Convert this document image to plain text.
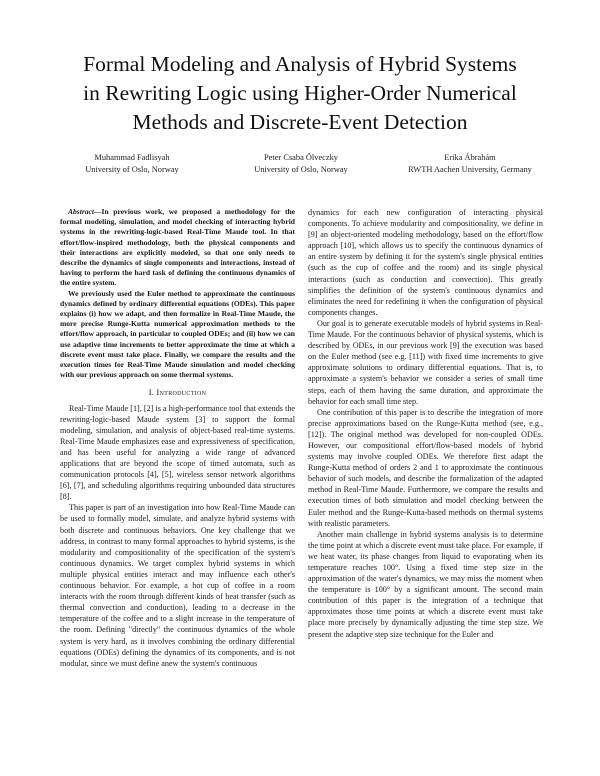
Formal Modeling and Analysis of Hybrid Systems
in Rewriting Logic using Higher-Order Numerical
Methods and Discrete-Event Detection
Muhammad Fadlisyah
University of Oslo, Norway
Peter Csaba Ölveczky
University of Oslo, Norway
Erika Ábrahám
RWTH Aachen University, Germany

Abstract—In previous work, we proposed a methodology for the formal modeling, simulation, and model checking of interacting hybrid systems in the rewriting-logic-based Real-Time Maude tool. In that effort/flow-inspired methodology, both the physical components and their interactions are explicitly modeled, so that one only needs to describe the dynamics of single components and interactions, instead of having to perform the hard task of defining the continuous dynamics of the entire system.

We previously used the Euler method to approximate the continuous dynamics defined by ordinary differential equations (ODEs). This paper explains (i) how we adapt, and then formalize in Real-Time Maude, the more precise Runge-Kutta numerical approximation methods to the effort/flow approach, in particular to coupled ODEs; and (ii) how we can use adaptive time increments to better approximate the time at which a discrete event must take place. Finally, we compare the results and the execution times for Real-Time Maude simulation and model checking with our previous approach on some thermal systems.

I. Introduction

Real-Time Maude [1], [2] is a high-performance tool that extends the rewriting-logic-based Maude system [3] to support the formal modeling, simulation, and analysis of object-based real-time systems. Real-Time Maude emphasizes ease and expressiveness of specification, and has been useful for analyzing a wide range of advanced applications that are beyond the scope of timed automata, such as communication protocols [4], [5], wireless sensor network algorithms [6], [7], and scheduling algorithms requiring unbounded data structures [8].

This paper is part of an investigation into how Real-Time Maude can be used to formally model, simulate, and analyze hybrid systems with both discrete and continuous behaviors. One key challenge that we address, in contrast to many formal approaches to hybrid systems, is the modularity and compositionality of the specification of the system's continuous dynamics. We target complex hybrid systems in which multiple physical entities interact and may influence each other's continuous behavior. For example, a hot cup of coffee in a room interacts with the room through different kinds of heat transfer (such as thermal convection and conduction), leading to a decrease in the temperature of the coffee and to a slight increase in the temperature of the room. Defining "directly" the continuous dynamics of the whole system is very hard, as it involves combining the ordinary differential equations (ODEs) defining the dynamics of its components, and is not modular, since we must define anew the system's continuous

dynamics for each new configuration of interacting physical components. To achieve modularity and compositionality, we define in [9] an object-oriented modeling methodology, based on the effort/flow approach [10], which allows us to specify the continuous dynamics of an entire system by defining it for the system's single physical entities (such as the cup of coffee and the room) and its single physical interactions (such as conduction and convection). This greatly simplifies the definition of the system's continuous dynamics and eliminates the need for redefining it when the configuration of physical components changes.

Our goal is to generate executable models of hybrid systems in Real-Time Maude. For the continuous behavior of physical systems, which is described by ODEs, in our previous work [9] the execution was based on the Euler method (see e.g. [11]) with fixed time increments to give approximate solutions to ordinary differential equations. That is, to approximate a system's behavior we consider a series of small time steps, each of them having the same duration, and approximate the behavior for each small time step.

One contribution of this paper is to describe the integration of more precise approximations based on the Runge-Kutta method (see, e.g., [12]). The original method was developed for non-coupled ODEs. However, our compositional effort/flow-based models of hybrid systems may involve coupled ODEs. We therefore first adapt the Runge-Kutta method of orders 2 and 1 to approximate the continuous behavior of such models, and describe the formalization of the adapted method in Real-Time Maude. Furthermore, we compare the results and execution times of both simulation and model checking between the Euler method and the Runge-Kutta-based methods on thermal systems with realistic parameters.

Another main challenge in hybrid systems analysis is to determine the time point at which a discrete event must take place. For example, if we heat water, its phase changes from liquid to evaporating when its temperature reaches 100°. Using a fixed time step size in the approximation of the water's dynamics, we may miss the moment when the temperature is 100° by a significant amount. The second main contribution of this paper is the integration of a technique that approximates those time points at which a discrete event must take place more precisely by dynamically adjusting the time step size. We present the adaptive step size technique for the Euler and
